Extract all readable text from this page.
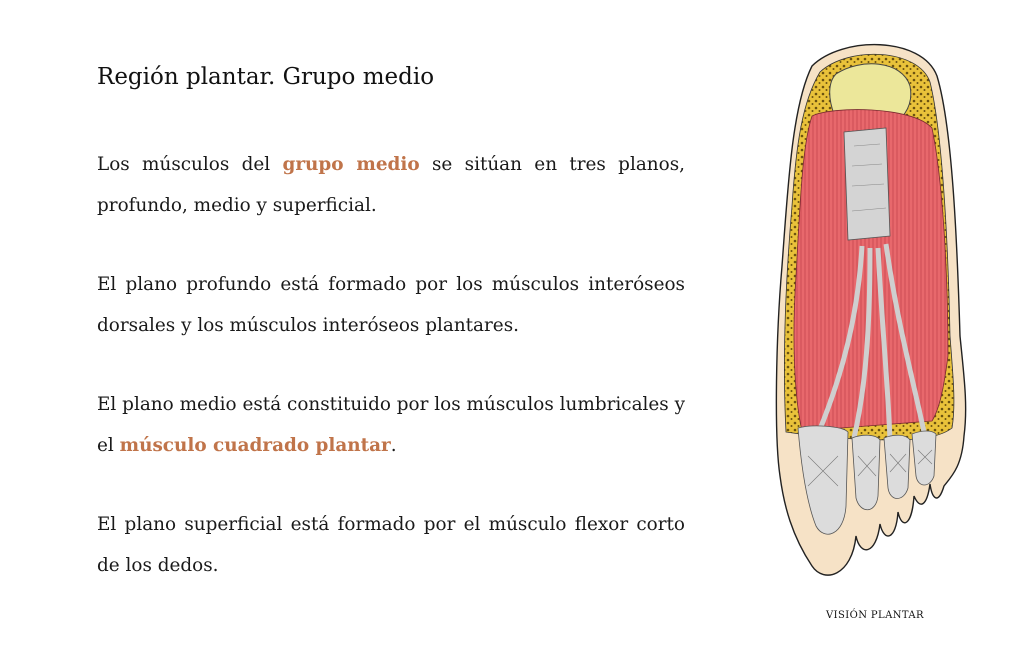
Región plantar. Grupo medio

Los músculos del grupo medio se sitúan en tres planos, profundo, medio y superficial.

El plano profundo está formado por los músculos interóseos dorsales y los músculos interóseos plantares.

El plano medio está constituido por los músculos lumbricales y el músculo cuadrado plantar.

El plano superficial está formado por el músculo flexor corto de los dedos.

VISIÓN PLANTAR
